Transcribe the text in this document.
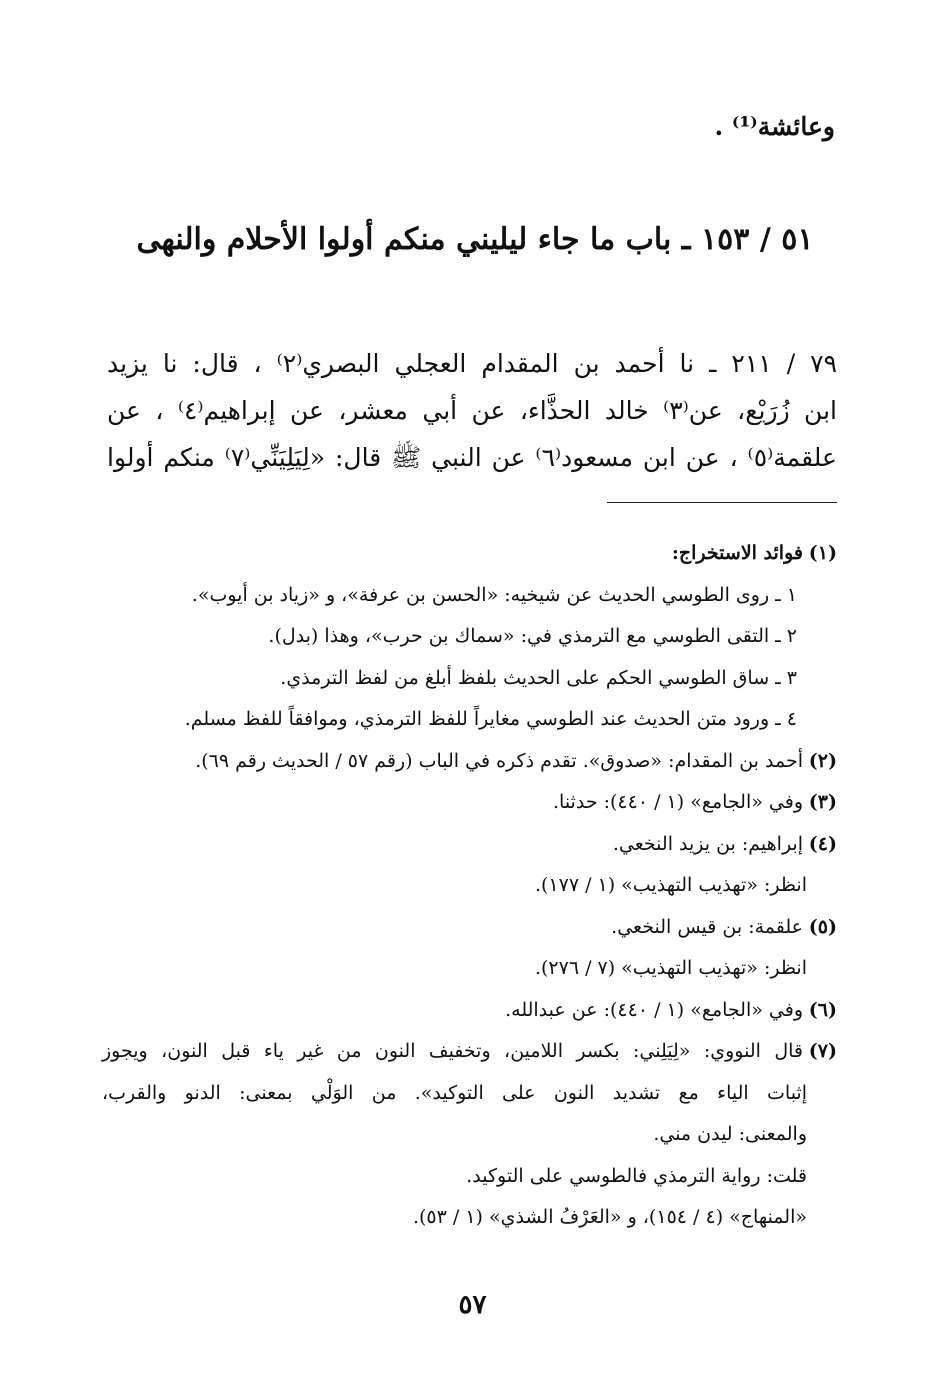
وعائشة⁽¹⁾ .
٥١ / ١٥٣ ـ باب ما جاء ليليني منكم أولوا الأحلام والنهى
٧٩ / ٢١١ ـ نا أحمد بن المقدام العجلي البصري⁽٢⁾ ، قال: نا يزيد
ابن زُرَيْع، عن⁽٣⁾ خالد الحذَّاء، عن أبي معشر، عن إبراهيم⁽٤⁾ ، عن
علقمة⁽٥⁾ ، عن ابن مسعود⁽٦⁾ عن النبي ﷺ قال: «لِيَلِيَنِّي⁽٧⁾ منكم أولوا
(١)فوائد الاستخراج:
١ ـ روى الطوسي الحديث عن شيخيه: «الحسن بن عرفة»، و «زياد بن أيوب».
٢ ـ التقى الطوسي مع الترمذي في: «سماك بن حرب»، وهذا (بدل).
٣ ـ ساق الطوسي الحكم على الحديث بلفظ أبلغ من لفظ الترمذي.
٤ ـ ورود متن الحديث عند الطوسي مغايراً للفظ الترمذي، وموافقاً للفظ مسلم.
(٢)أحمد بن المقدام: «صدوق». تقدم ذكره في الباب (رقم ٥٧ / الحديث رقم ٦٩).
(٣)وفي «الجامع» (١ / ٤٤٠): حدثنا.
(٤)إبراهيم: بن يزيد النخعي.
انظر: «تهذيب التهذيب» (١ / ١٧٧).
(٥)علقمة: بن قيس النخعي.
انظر: «تهذيب التهذيب» (٧ / ٢٧٦).
(٦)وفي «الجامع» (١ / ٤٤٠): عن عبدالله.
(٧)قال النووي: «لِيَلِني: بكسر اللامين، وتخفيف النون من غير ياء قبل النون، ويجوز
إثبات الياء مع تشديد النون على التوكيد». من الوَلْي بمعنى: الدنو والقرب،
والمعنى: ليدن مني.
قلت: رواية الترمذي فالطوسي على التوكيد.
«المنهاج» (٤ / ١٥٤)، و «العَرْفُ الشذي» (١ / ٥٣).
٥٧
